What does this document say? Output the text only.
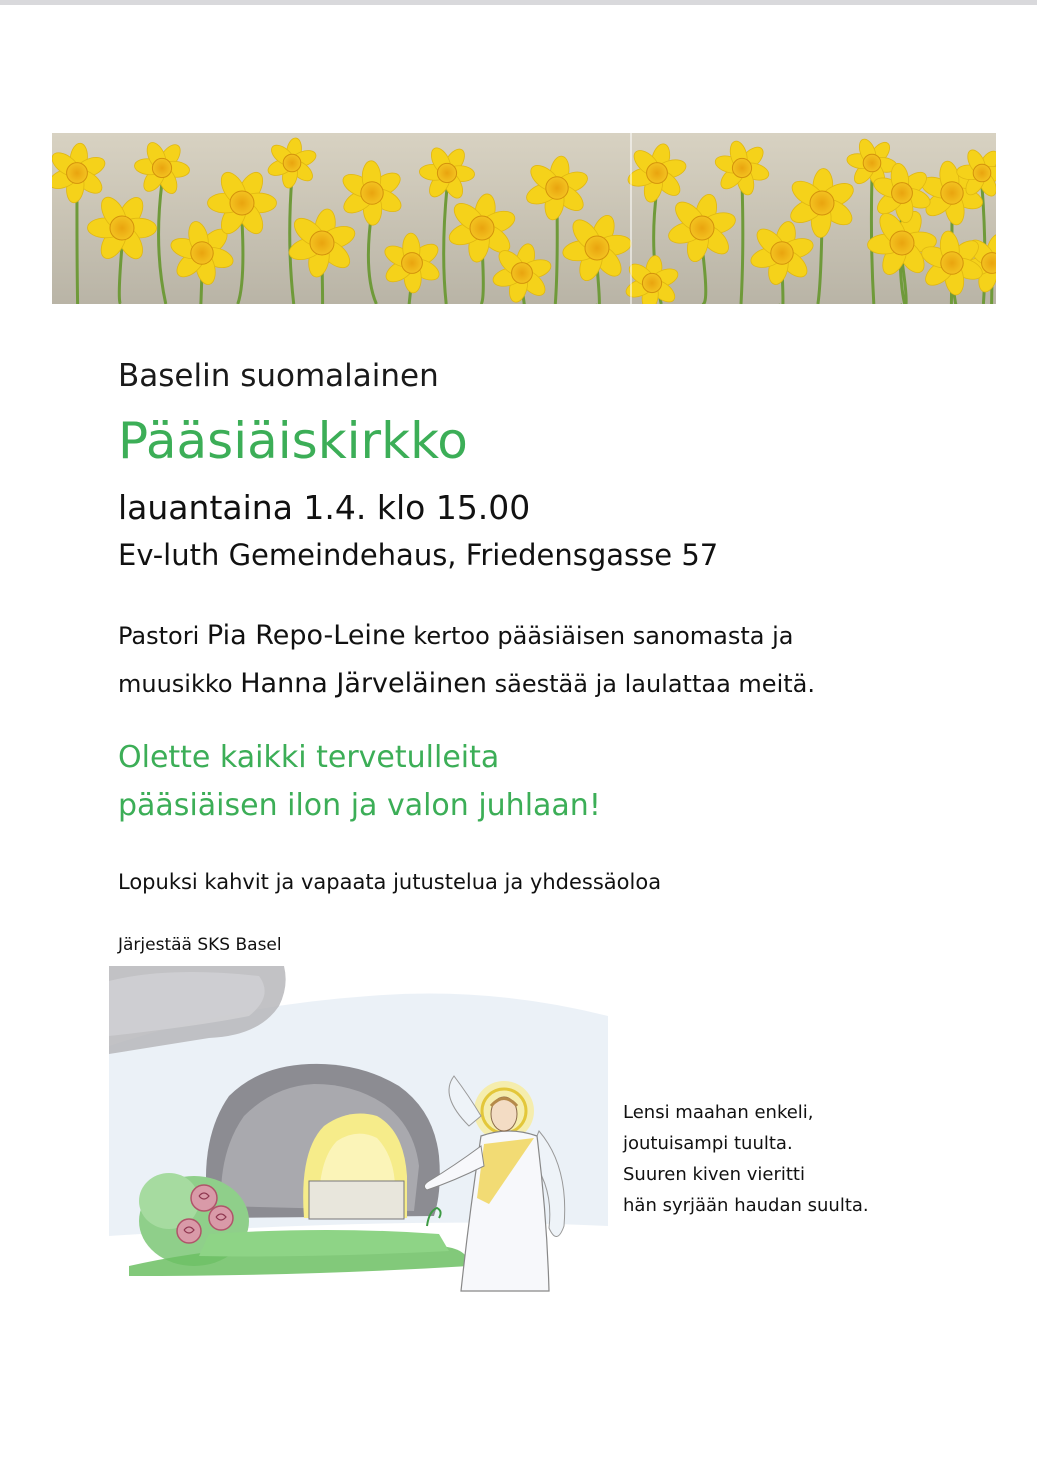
Baselin suomalainen
Pääsiäiskirkko
lauantaina 1.4. klo 15.00
Ev-luth Gemeindehaus, Friedensgasse 57
Pastori Pia Repo-Leine kertoo pääsiäisen sanomasta ja
muusikko Hanna Järveläinen säestää ja laulattaa meitä.
Olette kaikki tervetulleita
pääsiäisen ilon ja valon juhlaan!
Lopuksi kahvit ja vapaata jutustelua ja yhdessäoloa
Järjestää SKS Basel
Lensi maahan enkeli,
joutuisampi tuulta.
Suuren kiven vieritti
hän syrjään haudan suulta.
